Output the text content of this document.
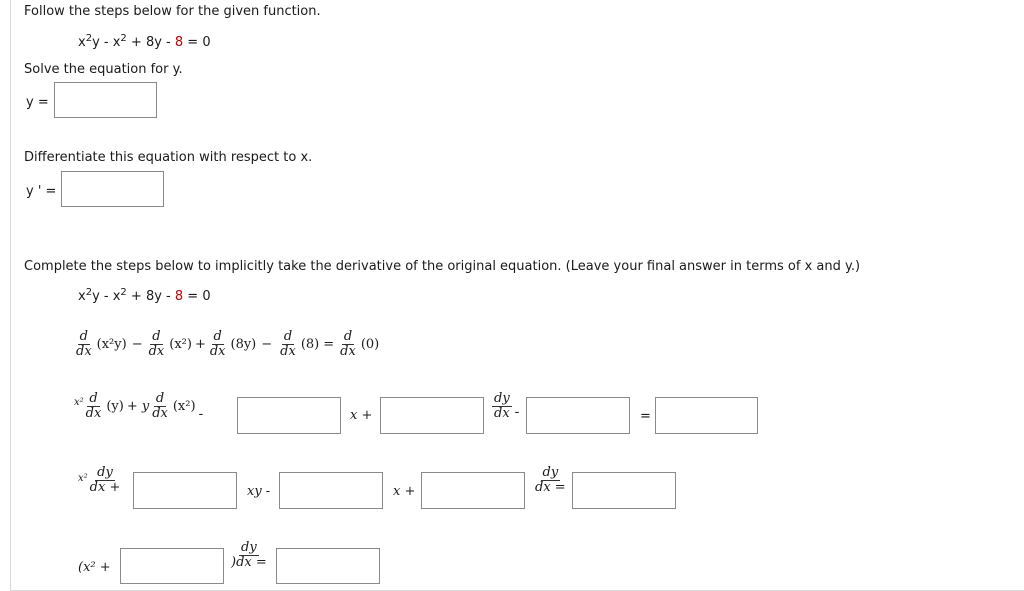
Follow the steps below for the given function.
$x^2y - x^2 + 8y - 8 = 0$
Solve the equation for y.
y =
Differentiate this equation with respect to x.
y ' =
Complete the steps below to implicitly take the derivative of the original equation. (Leave your final answer in terms of x and y.)
$x^2y - x^2 + 8y - 8 = 0$
$\frac{d}{dx} (x^2y) - \frac{d}{dx} (x^2) + \frac{d}{dx} (8y) - \frac{d}{dx} (8) = \frac{d}{dx} (0)$
$x^2 \frac{d}{dx} (y) + y \frac{d}{dx} (x^2)$
-	x +	$\frac{dy}{dx}$ -	=
$x^2 \frac{dy}{dx +}$	xy -	x +	$\frac{dy}{dx =}$
(x² +	$\frac{dy}{)dx =}$
